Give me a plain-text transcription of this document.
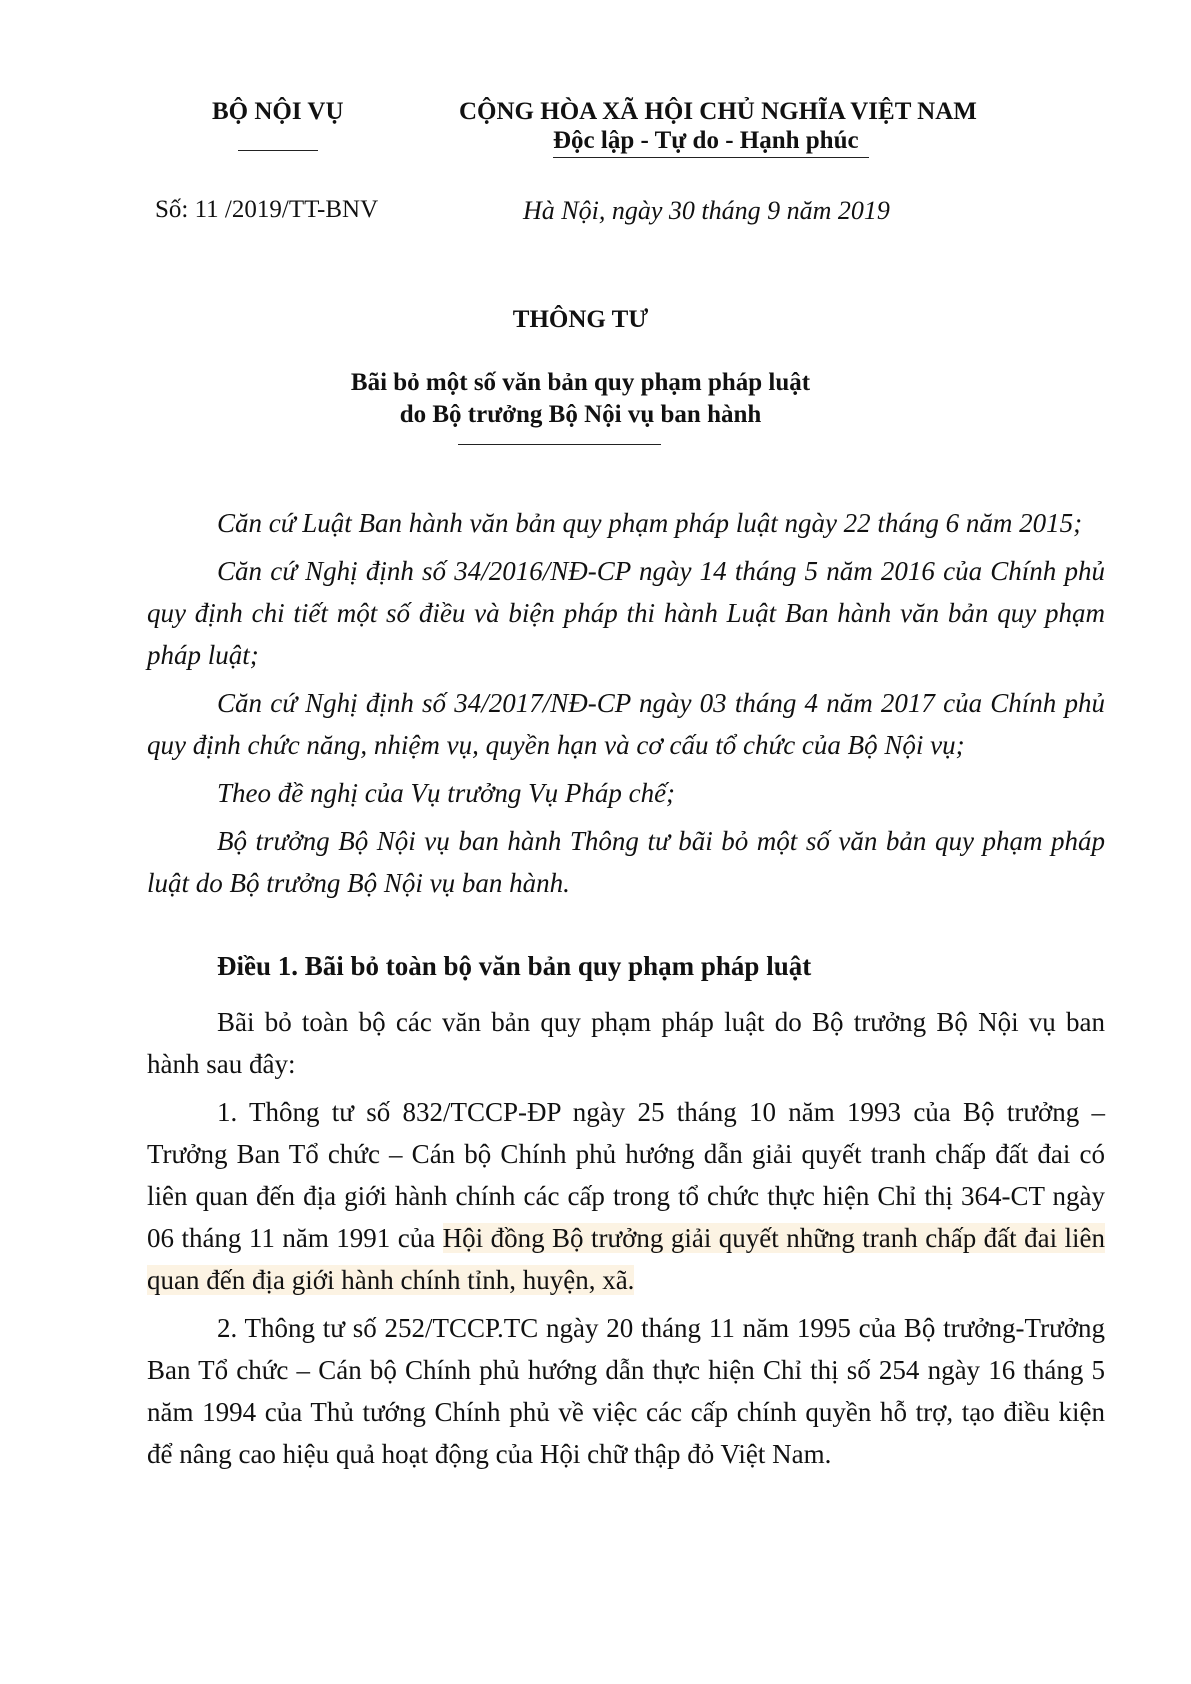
BỘ NỘI VỤ	CỘNG HÒA XÃ HỘI CHỦ NGHĨA VIỆT NAM
Độc lập - Tự do - Hạnh phúc
Số: 11 /2019/TT-BNV	Hà Nội, ngày 30 tháng 9 năm 2019
THÔNG TƯ
Bãi bỏ một số văn bản quy phạm pháp luật
do Bộ trưởng Bộ Nội vụ ban hành

Căn cứ Luật Ban hành văn bản quy phạm pháp luật ngày 22 tháng 6 năm 2015;

Căn cứ Nghị định số 34/2016/NĐ-CP ngày 14 tháng 5 năm 2016 của Chính phủ quy định chi tiết một số điều và biện pháp thi hành Luật Ban hành văn bản quy phạm pháp luật;

Căn cứ Nghị định số 34/2017/NĐ-CP ngày 03 tháng 4 năm 2017 của Chính phủ quy định chức năng, nhiệm vụ, quyền hạn và cơ cấu tổ chức của Bộ Nội vụ;

Theo đề nghị của Vụ trưởng Vụ Pháp chế;

Bộ trưởng Bộ Nội vụ ban hành Thông tư bãi bỏ một số văn bản quy phạm pháp luật do Bộ trưởng Bộ Nội vụ ban hành.

Điều 1. Bãi bỏ toàn bộ văn bản quy phạm pháp luật

Bãi bỏ toàn bộ các văn bản quy phạm pháp luật do Bộ trưởng Bộ Nội vụ ban hành sau đây:

1. Thông tư số 832/TCCP-ĐP ngày 25 tháng 10 năm 1993 của Bộ trưởng – Trưởng Ban Tổ chức – Cán bộ Chính phủ hướng dẫn giải quyết tranh chấp đất đai có liên quan đến địa giới hành chính các cấp trong tổ chức thực hiện Chỉ thị 364-CT ngày 06 tháng 11 năm 1991 của Hội đồng Bộ trưởng giải quyết những tranh chấp đất đai liên quan đến địa giới hành chính tỉnh, huyện, xã.

2. Thông tư số 252/TCCP.TC ngày 20 tháng 11 năm 1995 của Bộ trưởng-Trưởng Ban Tổ chức – Cán bộ Chính phủ hướng dẫn thực hiện Chỉ thị số 254 ngày 16 tháng 5 năm 1994 của Thủ tướng Chính phủ về việc các cấp chính quyền hỗ trợ, tạo điều kiện để nâng cao hiệu quả hoạt động của Hội chữ thập đỏ Việt Nam.
